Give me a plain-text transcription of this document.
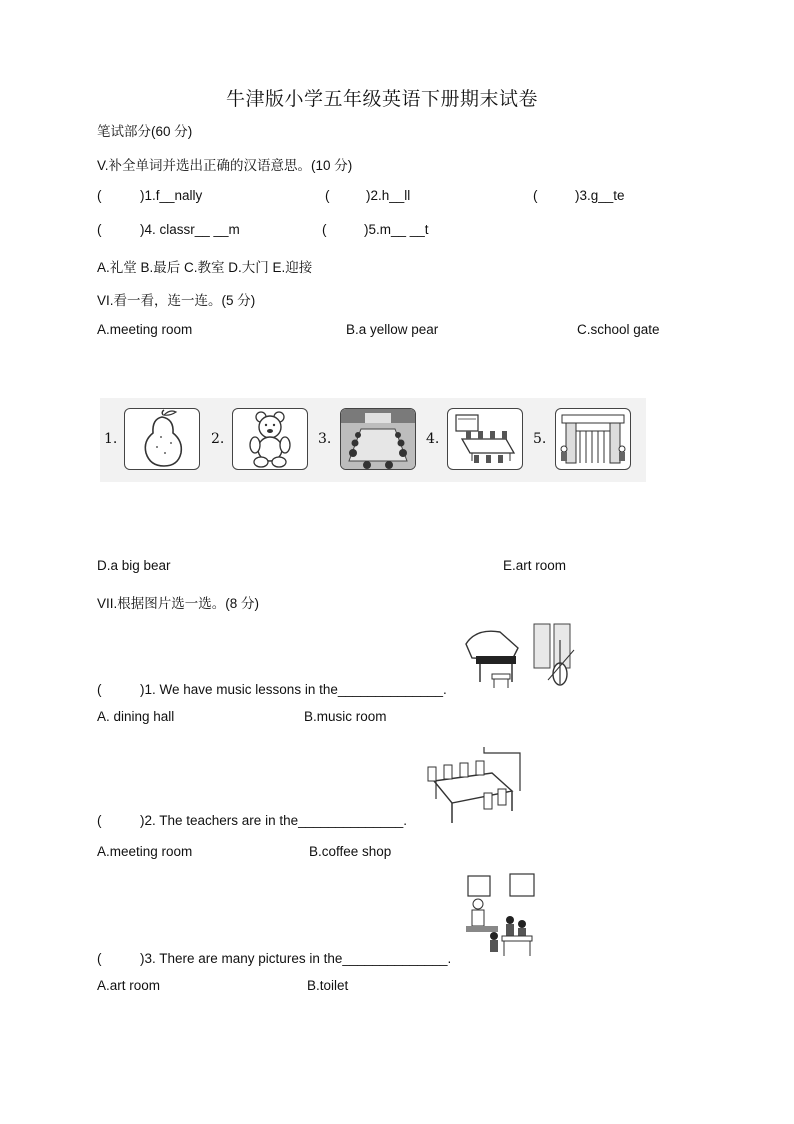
牛津版小学五年级英语下册期末试卷
笔试部分(60 分)
V.补全单词并选出正确的汉语意思。(10 分)
(	)1.f__nally	(	)2.h__ll	(	)3.g__te
(	)4. classr__ __m	(	)5.m__ __t
A.礼堂 B.最后 C.教室 D.大门 E.迎接
VI.看一看，连一连。(5 分)
A.meeting room	B.a yellow pear	C.school gate
1.	2.	3.	4.	5.
D.a big bear	E.art room
VII.根据图片选一选。(8 分)
(	)1. We have music lessons in the______________.
A. dining hall	B.music room
(	)2. The teachers are in the______________.
A.meeting room	B.coffee shop
(	)3. There are many pictures in the______________.
A.art room	B.toilet
